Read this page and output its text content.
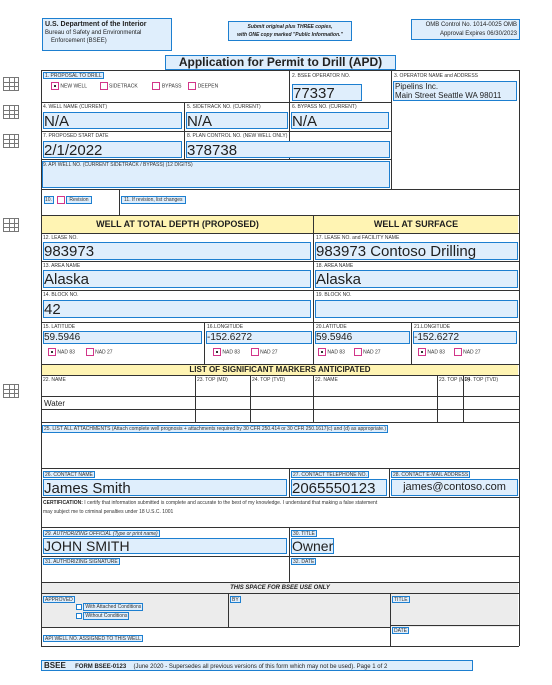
U.S. Department of the Interior
Bureau of Safety and Environmental
Enforcement (BSEE)
Submit original plus THREE copies,
with ONE copy marked "Public Information."
OMB Control No. 1014-0025 OMB
Approval Expires 06/30/2023
Application for Permit to Drill (APD)
1. PROPOSAL TO DRILL
NEW WELL	SIDETRACK	BYPASS	DEEPEN
2. BSEE OPERATOR NO.
77337
3. OPERATOR NAME and ADDRESS
Pipelins Inc.
Main Street Seattle WA 98011
4. WELL NAME (CURRENT)
N/A
5. SIDETRACK NO. (CURRENT)
N/A
6. BYPASS NO. (CURRENT)
N/A
7. PROPOSED START DATE
2/1/2022
8. PLAN CONTROL NO. (NEW WELL ONLY)
378738
9. API WELL NO. (CURRENT SIDETRACK / BYPASS) (12 DIGITS)
10.	Revision	11. If revision, list changes
WELL AT TOTAL DEPTH (PROPOSED)	WELL AT SURFACE
12. LEASE NO.
983973
17. LEASE NO. and FACILITY NAME
983973 Contoso Drilling
13. AREA NAME
Alaska
18. AREA NAME
Alaska
14. BLOCK NO.
42
19. BLOCK NO.
15. LATITUDE
59.5946
NAD 83	NAD 27
16.LONGITUDE
-152.6272
NAD 83	NAD 27
20.LATITUDE
59.5946
NAD 83	NAD 27
21.LONGITUDE
-152.6272
NAD 83	NAD 27
LIST OF SIGNIFICANT MARKERS ANTICIPATED
22. NAME	23. TOP (MD)	24. TOP (TVD)	22. NAME	23. TOP (MD)
24. TOP (TVD)
Water
25. LIST ALL ATTACHMENTS (Attach complete well prognosis + attachments required by 30 CFR 250.414 or 30 CFR 250.1617(c) and (d) as appropriate.)
26. CONTACT NAME
James Smith
27. CONTACT TELEPHONE NO.
2065550123
28. CONTACT E-MAIL ADDRESS
james@contoso.com
CERTIFICATION: I certify that information submitted is complete and accurate to the best of my knowledge. I understand that making a false statement
may subject me to criminal penalties under 18 U.S.C. 1001
29. AUTHORIZING OFFICIAL (Type or print name)
JOHN SMITH
30. TITLE
Owner
31. AUTHORIZING SIGNATURE	32. DATE
THIS SPACE FOR BSEE USE ONLY
APPROVED
With Attached Conditions
Without Conditions
BY	TITLE
DATE
API WELL NO. ASSIGNED TO THIS WELL
BSEE FORM BSEE-0123 (June 2020 - Supersedes all previous versions of this form which may not be used). Page 1 of 2
